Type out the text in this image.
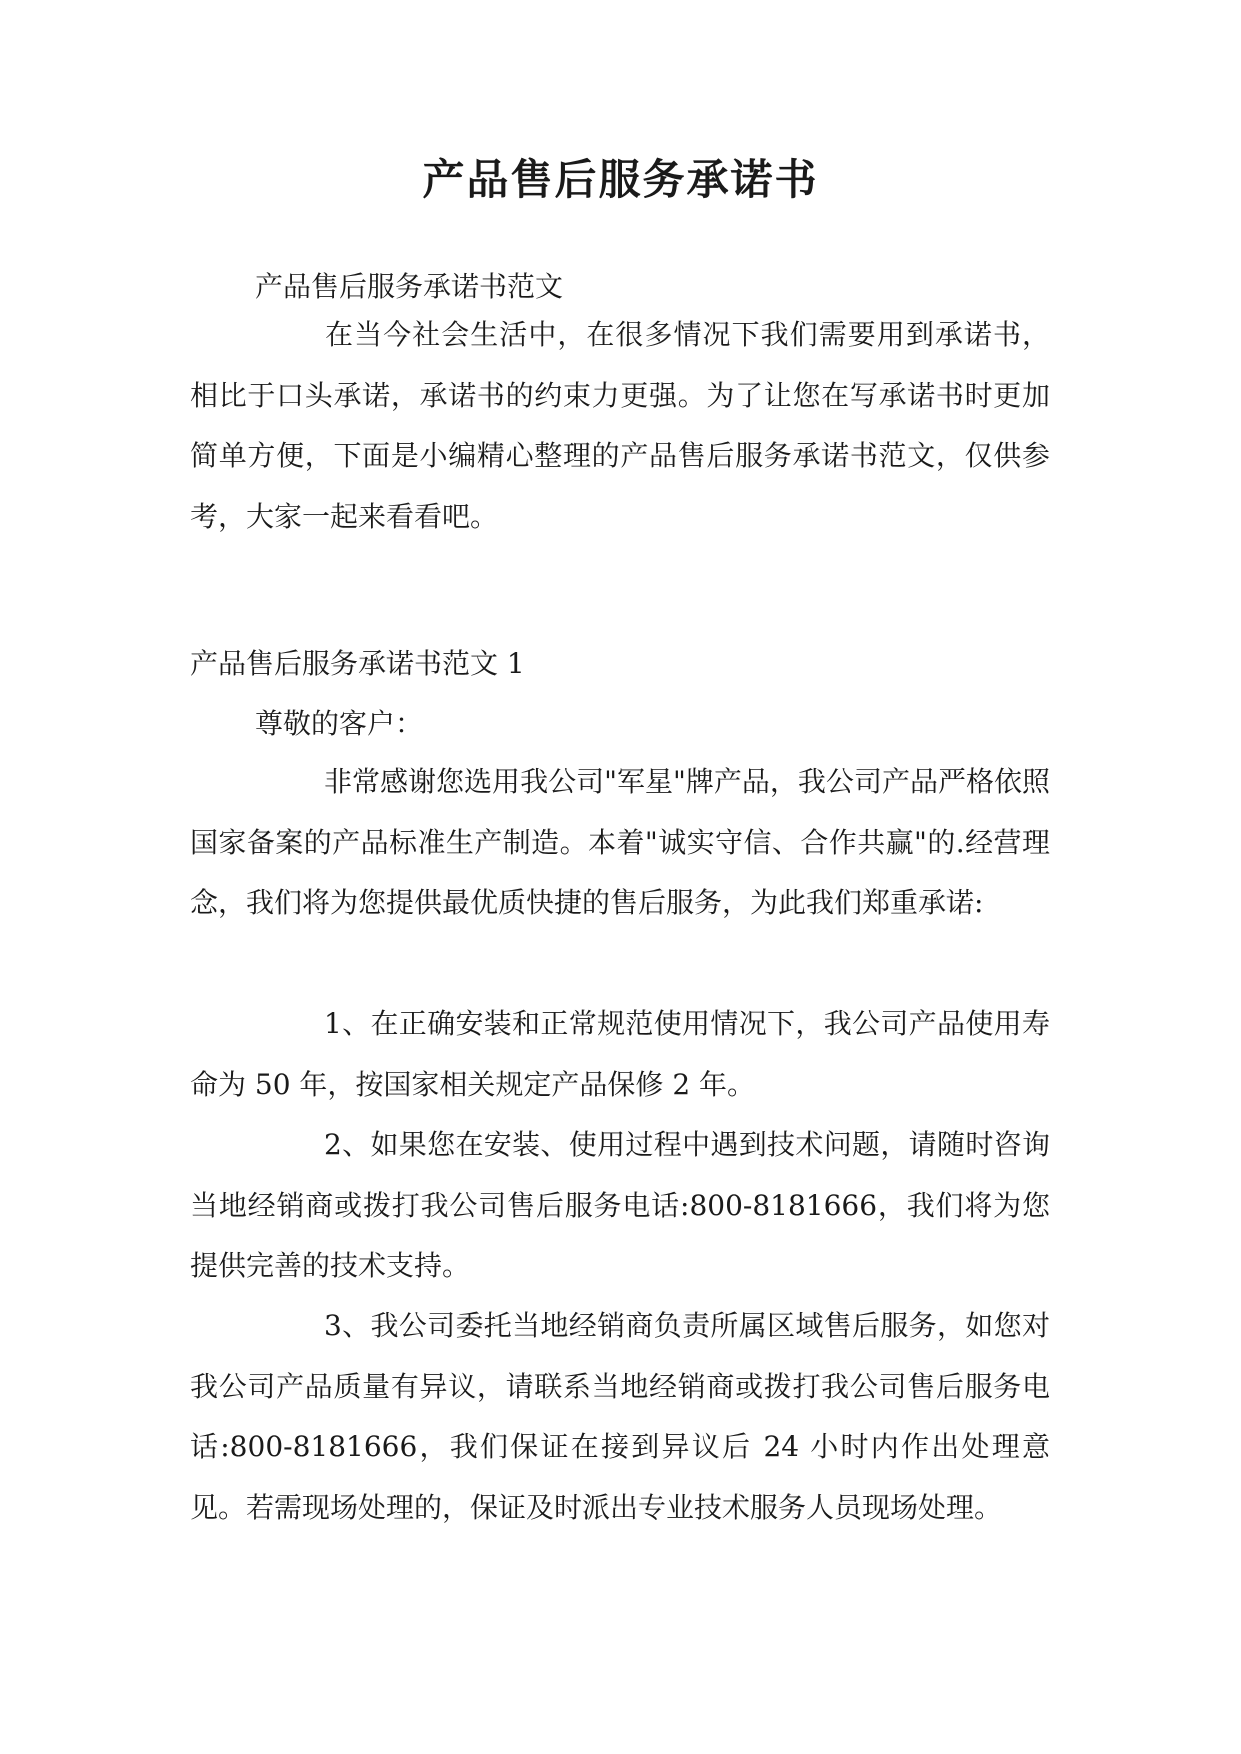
产品售后服务承诺书
产品售后服务承诺书范文
在当今社会生活中，在很多情况下我们需要用到承诺书，相比于口头承诺，承诺书的约束力更强。为了让您在写承诺书时更加简单方便，下面是小编精心整理的产品售后服务承诺书范文，仅供参考，大家一起来看看吧。
产品售后服务承诺书范文 1
尊敬的客户：
非常感谢您选用我公司"军星"牌产品，我公司产品严格依照国家备案的产品标准生产制造。本着"诚实守信、合作共赢"的.经营理念，我们将为您提供最优质快捷的售后服务，为此我们郑重承诺:
1、在正确安装和正常规范使用情况下，我公司产品使用寿命为 50 年，按国家相关规定产品保修 2 年。
2、如果您在安装、使用过程中遇到技术问题，请随时咨询当地经销商或拨打我公司售后服务电话:800-8181666，我们将为您提供完善的技术支持。
3、我公司委托当地经销商负责所属区域售后服务，如您对我公司产品质量有异议，请联系当地经销商或拨打我公司售后服务电话:800-8181666，我们保证在接到异议后 24 小时内作出处理意见。若需现场处理的，保证及时派出专业技术服务人员现场处理。
